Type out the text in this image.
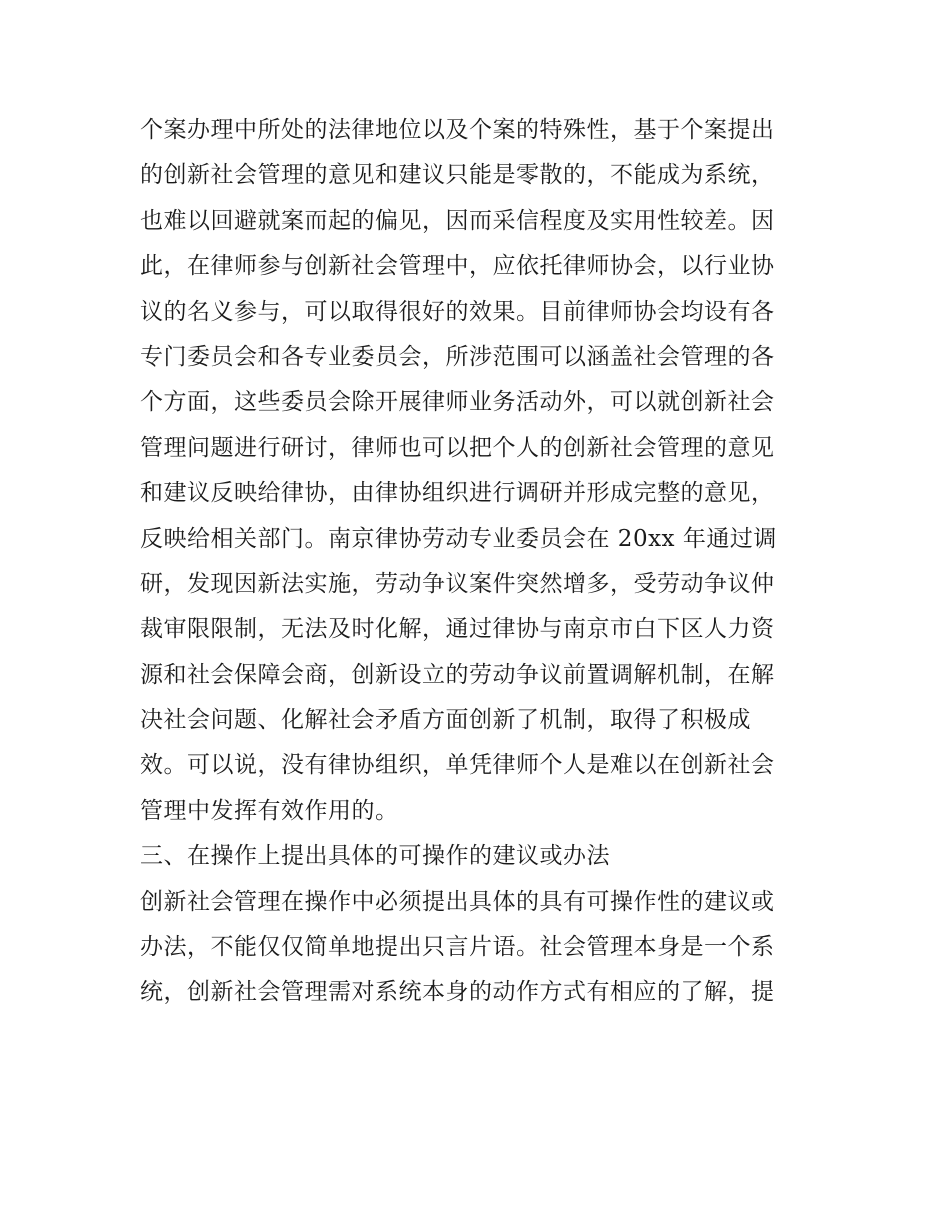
个案办理中所处的法律地位以及个案的特殊性，基于个案提出
的创新社会管理的意见和建议只能是零散的，不能成为系统，
也难以回避就案而起的偏见，因而采信程度及实用性较差。因
此，在律师参与创新社会管理中，应依托律师协会，以行业协
议的名义参与，可以取得很好的效果。目前律师协会均设有各
专门委员会和各专业委员会，所涉范围可以涵盖社会管理的各
个方面，这些委员会除开展律师业务活动外，可以就创新社会
管理问题进行研讨，律师也可以把个人的创新社会管理的意见
和建议反映给律协，由律协组织进行调研并形成完整的意见，
反映给相关部门。南京律协劳动专业委员会在 20xx 年通过调
研，发现因新法实施，劳动争议案件突然增多，受劳动争议仲
裁审限限制，无法及时化解，通过律协与南京市白下区人力资
源和社会保障会商，创新设立的劳动争议前置调解机制，在解
决社会问题、化解社会矛盾方面创新了机制，取得了积极成
效。可以说，没有律协组织，单凭律师个人是难以在创新社会
管理中发挥有效作用的。
三、在操作上提出具体的可操作的建议或办法
创新社会管理在操作中必须提出具体的具有可操作性的建议或
办法，不能仅仅简单地提出只言片语。社会管理本身是一个系
统，创新社会管理需对系统本身的动作方式有相应的了解，提
